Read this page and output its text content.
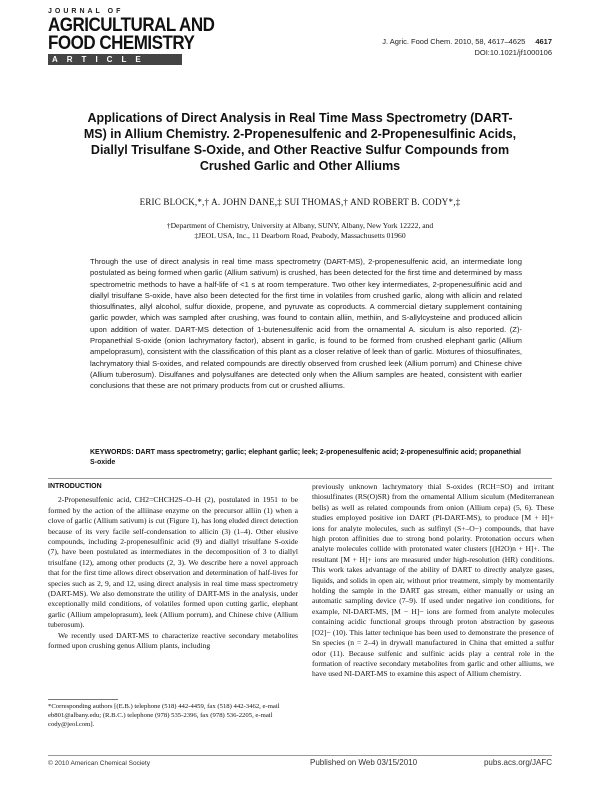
JOURNAL OF
AGRICULTURAL AND
FOOD CHEMISTRY
ARTICLE
J. Agric. Food Chem. 2010, 58, 4617–4625 4617
DOI:10.1021/jf1000106
Applications of Direct Analysis in Real Time Mass Spectrometry (DART-MS) in Allium Chemistry. 2-Propenesulfenic and 2-Propenesulfinic Acids, Diallyl Trisulfane S-Oxide, and Other Reactive Sulfur Compounds from Crushed Garlic and Other Alliums
ERIC BLOCK,*,† A. JOHN DANE,‡ SUI THOMAS,† AND ROBERT B. CODY*,‡
†Department of Chemistry, University at Albany, SUNY, Albany, New York 12222, and
‡JEOL USA, Inc., 11 Dearborn Road, Peabody, Massachusetts 01960
Through the use of direct analysis in real time mass spectrometry (DART-MS), 2-propenesulfenic acid, an intermediate long postulated as being formed when garlic (Allium sativum) is crushed, has been detected for the first time and determined by mass spectrometric methods to have a half-life of <1 s at room temperature. Two other key intermediates, 2-propenesulfinic acid and diallyl trisulfane S-oxide, have also been detected for the first time in volatiles from crushed garlic, along with allicin and related thiosulfinates, allyl alcohol, sulfur dioxide, propene, and pyruvate as coproducts. A commercial dietary supplement containing garlic powder, which was sampled after crushing, was found to contain alliin, methiin, and S-allylcysteine and produced allicin upon addition of water. DART-MS detection of 1-butenesulfenic acid from the ornamental A. siculum is also reported. (Z)-Propanethial S-oxide (onion lachrymatory factor), absent in garlic, is found to be formed from crushed elephant garlic (Allium ampeloprasum), consistent with the classification of this plant as a closer relative of leek than of garlic. Mixtures of thiosulfinates, lachrymatory thial S-oxides, and related compounds are directly observed from crushed leek (Allium porrum) and Chinese chive (Allium tuberosum). Disulfanes and polysulfanes are detected only when the Allium samples are heated, consistent with earlier conclusions that these are not primary products from cut or crushed alliums.
KEYWORDS: DART mass spectrometry; garlic; elephant garlic; leek; 2-propenesulfenic acid; 2-propenesulfinic acid; propanethial S-oxide
INTRODUCTION

2-Propenesulfenic acid, CH2=CHCH2S–O–H (2), postulated in 1951 to be formed by the action of the alliinase enzyme on the precursor alliin (1) when a clove of garlic (Allium sativum) is cut (Figure 1), has long eluded direct detection because of its very facile self-condensation to allicin (3) (1–4). Other elusive compounds, including 2-propenesulfinic acid (9) and diallyl trisulfane S-oxide (7), have been postulated as intermediates in the decomposition of 3 to diallyl trisulfane (12), among other products (2, 3). We describe here a novel approach that for the first time allows direct observation and determination of half-lives for species such as 2, 9, and 12, using direct analysis in real time mass spectrometry (DART-MS). We also demonstrate the utility of DART-MS in the analysis, under exceptionally mild conditions, of volatiles formed upon cutting garlic, elephant garlic (Allium ampeloprasum), leek (Allium porrum), and Chinese chive (Allium tuberosum).

We recently used DART-MS to characterize reactive secondary metabolites formed upon crushing genus Allium plants, including

previously unknown lachrymatory thial S-oxides (RCH=SO) and irritant thiosulfinates (RS(O)SR) from the ornamental Allium siculum (Mediterranean bells) as well as related compounds from onion (Allium cepa) (5, 6). These studies employed positive ion DART (PI-DART-MS), to produce [M + H]+ ions for analyte molecules, such as sulfinyl (S+–O−) compounds, that have high proton affinities due to strong bond polarity. Protonation occurs when analyte molecules collide with protonated water clusters [(H2O)n + H]+. The resultant [M + H]+ ions are measured under high-resolution (HR) conditions. This work takes advantage of the ability of DART to directly analyze gases, liquids, and solids in open air, without prior treatment, simply by momentarily holding the sample in the DART gas stream, either manually or using an automatic sampling device (7–9). If used under negative ion conditions, for example, NI-DART-MS, [M − H]− ions are formed from analyte molecules containing acidic functional groups through proton abstraction by gaseous [O2]− (10). This latter technique has been used to demonstrate the presence of Sn species (n = 2–4) in drywall manufactured in China that emitted a sulfur odor (11). Because sulfenic and sulfinic acids play a central role in the formation of reactive secondary metabolites from garlic and other alliums, we have used NI-DART-MS to examine this aspect of Allium chemistry.

*Corresponding authors [(E.B.) telephone (518) 442-4459, fax (518) 442-3462, e-mail eb801@albany.edu; (R.B.C.) telephone (978) 535-2396, fax (978) 536-2205, e-mail cody@jeol.com].
© 2010 American Chemical Society	Published on Web 03/15/2010	pubs.acs.org/JAFC
